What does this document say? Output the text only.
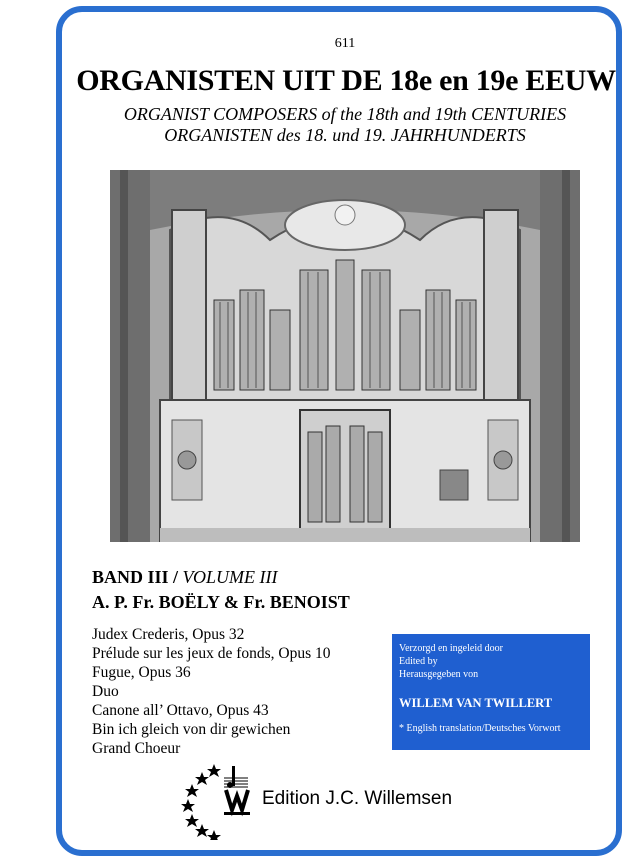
611
ORGANISTEN UIT DE 18e en 19e EEUW
ORGANIST COMPOSERS of the 18th and 19th CENTURIES
ORGANISTEN des 18. und 19. JAHRHUNDERTS
BAND III / VOLUME III
A. P. Fr. BOËLY & Fr. BENOIST
Judex Crederis, Opus 32
Prélude sur les jeux de fonds, Opus 10
Fugue, Opus 36
Duo
Canone all’ Ottavo, Opus 43
Bin ich gleich von dir gewichen
Grand Choeur
Verzorgd en ingeleid door
Edited by
Herausgegeben von
WILLEM VAN TWILLERT
* English translation/Deutsches Vorwort
Edition J.C. Willemsen
